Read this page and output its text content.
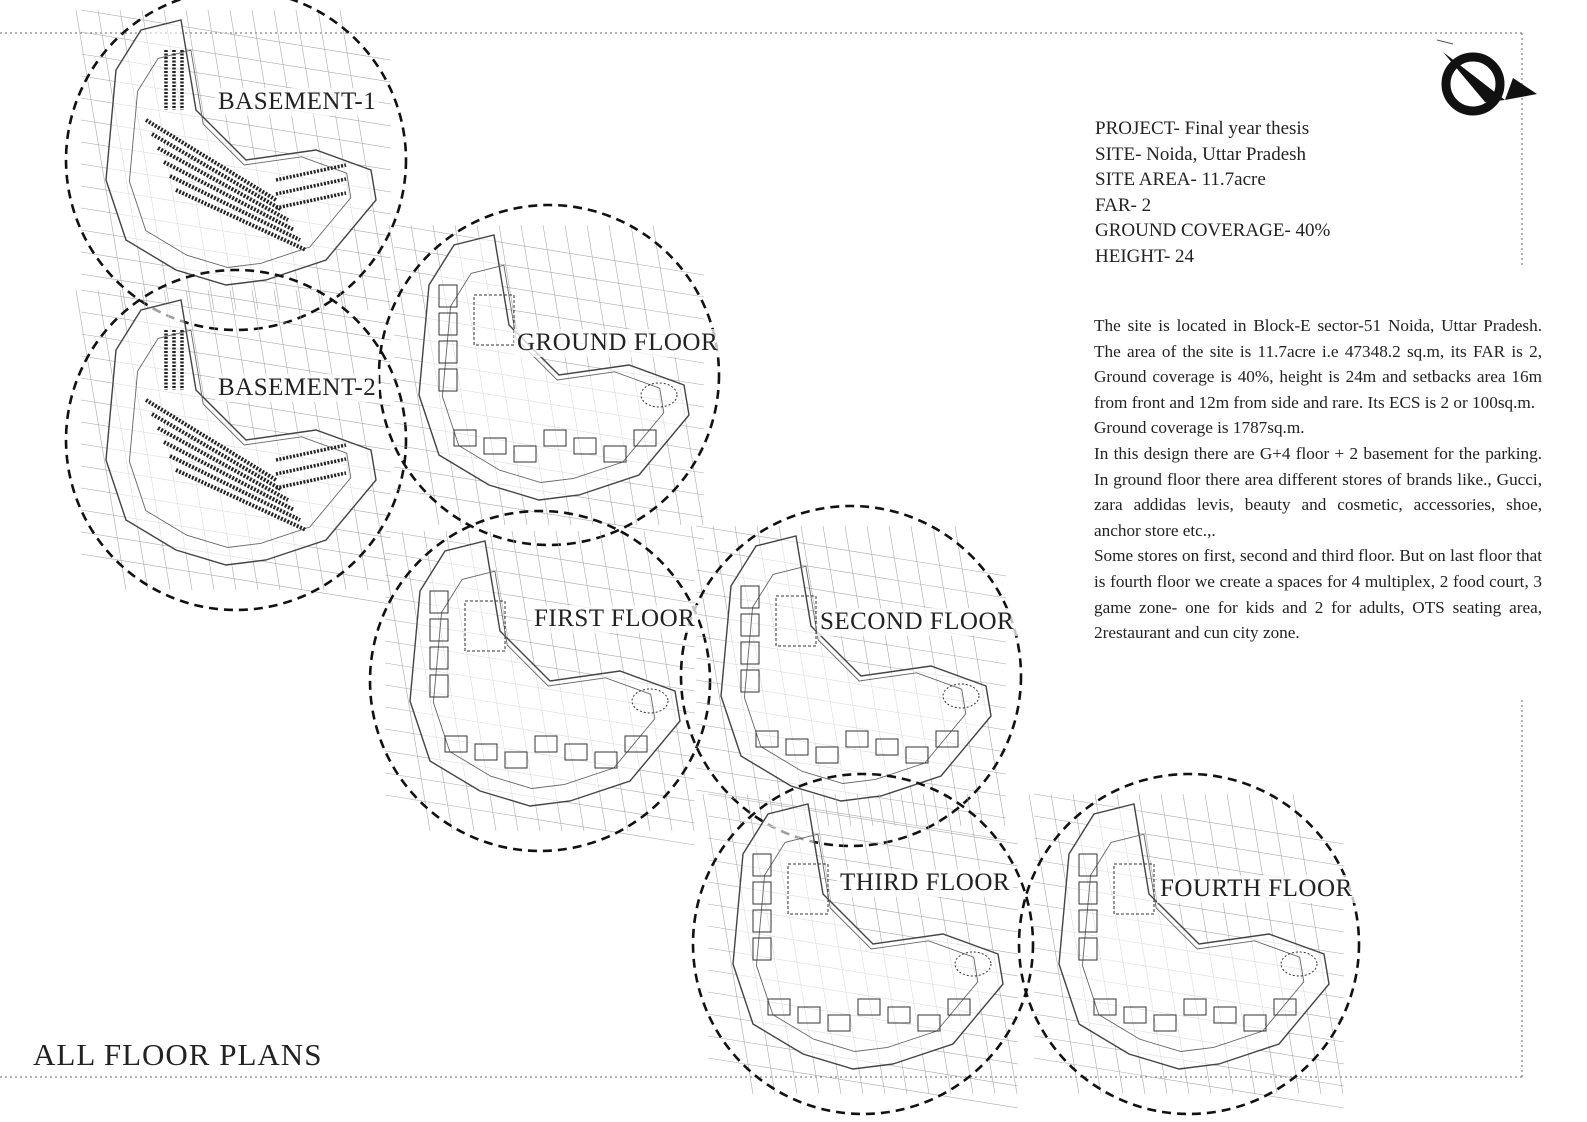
BASEMENT-1
BASEMENT-2
GROUND FLOOR
FIRST FLOOR	SECOND FLOOR
THIRD FLOOR	FOURTH FLOOR
PROJECT- Final year thesis
SITE- Noida, Uttar Pradesh
SITE AREA- 11.7acre
FAR- 2
GROUND COVERAGE- 40%
HEIGHT- 24

The site is located in Block-E sector-51 Noida, Uttar Pradesh. The area of the site is 11.7acre i.e 47348.2 sq.m, its FAR is 2, Ground coverage is 40%, height is 24m and setbacks area 16m from front and 12m from side and rare. Its ECS is 2 or 100sq.m.

Ground coverage is 1787sq.m.

In this design there are G+4 floor + 2 basement for the parking. In ground floor there area different stores of brands like., Gucci, zara addidas levis, beauty and cosmetic, accessories, shoe, anchor store etc.,.

Some stores on first, second and third floor. But on last floor that is fourth floor we create a spaces for 4 multiplex, 2 food court, 3 game zone- one for kids and 2 for adults, OTS seating area, 2restaurant and cun city zone.

ALL FLOOR PLANS
